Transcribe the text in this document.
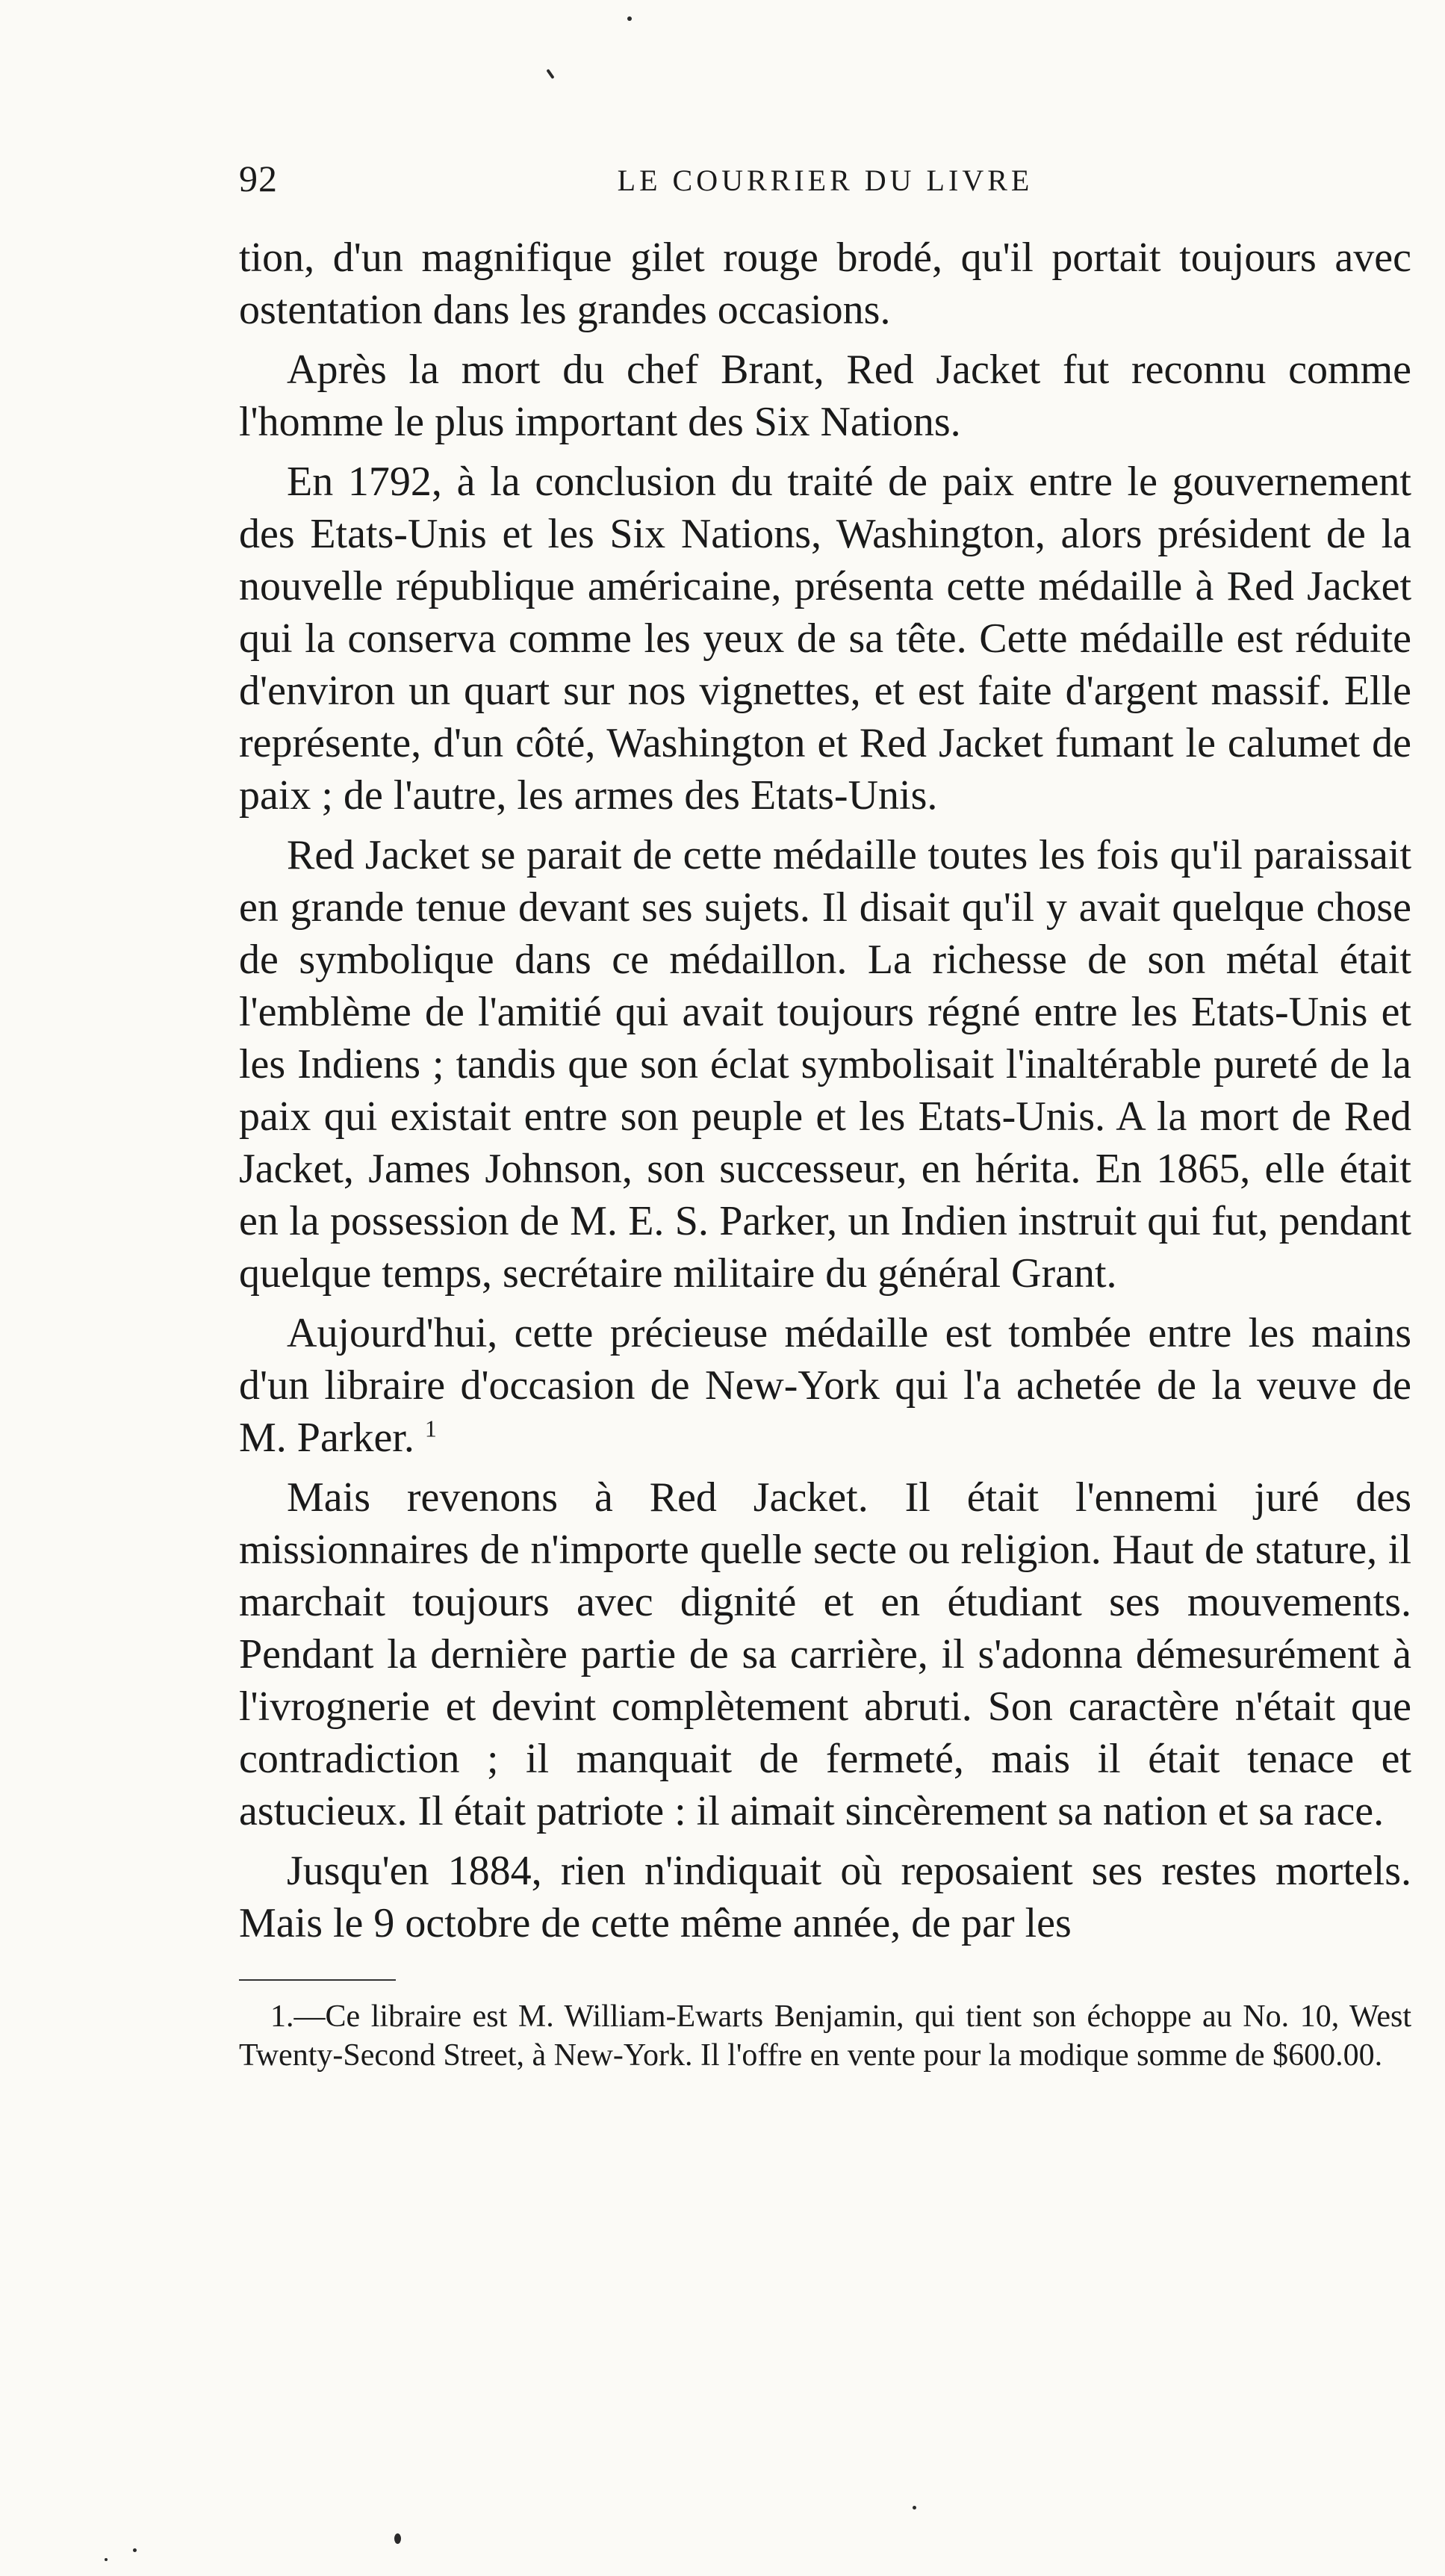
92	LE COURRIER DU LIVRE

tion, d'un magnifique gilet rouge brodé, qu'il portait toujours avec ostentation dans les grandes occasions.

Après la mort du chef Brant, Red Jacket fut reconnu comme l'homme le plus important des Six Nations.

En 1792, à la conclusion du traité de paix entre le gouvernement des Etats-Unis et les Six Nations, Washington, alors président de la nouvelle république américaine, présenta cette médaille à Red Jacket qui la conserva comme les yeux de sa tête. Cette médaille est réduite d'environ un quart sur nos vignettes, et est faite d'argent massif. Elle représente, d'un côté, Washington et Red Jacket fumant le calumet de paix ; de l'autre, les armes des Etats-Unis.

Red Jacket se parait de cette médaille toutes les fois qu'il paraissait en grande tenue devant ses sujets. Il disait qu'il y avait quelque chose de symbolique dans ce médaillon. La richesse de son métal était l'emblème de l'amitié qui avait toujours régné entre les Etats-Unis et les Indiens ; tandis que son éclat symbolisait l'inaltérable pureté de la paix qui existait entre son peuple et les Etats-Unis. A la mort de Red Jacket, James Johnson, son successeur, en hérita. En 1865, elle était en la possession de M. E. S. Parker, un Indien instruit qui fut, pendant quelque temps, secrétaire militaire du général Grant.

Aujourd'hui, cette précieuse médaille est tombée entre les mains d'un libraire d'occasion de New-York qui l'a achetée de la veuve de M. Parker. $^1$

Mais revenons à Red Jacket. Il était l'ennemi juré des missionnaires de n'importe quelle secte ou religion. Haut de stature, il marchait toujours avec dignité et en étudiant ses mouvements. Pendant la dernière partie de sa carrière, il s'adonna démesurément à l'ivrognerie et devint complètement abruti. Son caractère n'était que contradiction ; il manquait de fermeté, mais il était tenace et astucieux. Il était patriote : il aimait sincèrement sa nation et sa race.

Jusqu'en 1884, rien n'indiquait où reposaient ses restes mortels. Mais le 9 octobre de cette même année, de par les

1.—Ce libraire est M. William-Ewarts Benjamin, qui tient son échoppe au No. 10, West Twenty-Second Street, à New-York. Il l'offre en vente pour la modique somme de $600.00.
